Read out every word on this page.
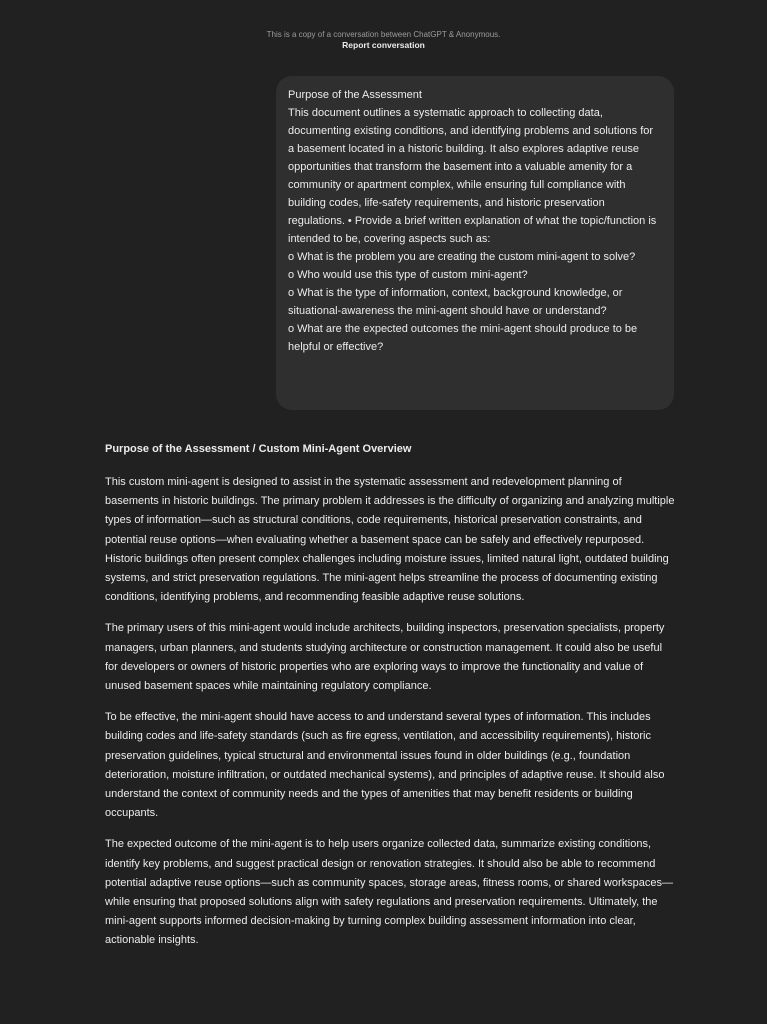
This is a copy of a conversation between ChatGPT & Anonymous.
Report conversation
Purpose of the Assessment
This document outlines a systematic approach to collecting data, documenting existing conditions, and identifying problems and solutions for a basement located in a historic building. It also explores adaptive reuse opportunities that transform the basement into a valuable amenity for a community or apartment complex, while ensuring full compliance with building codes, life-safety requirements, and historic preservation regulations. • Provide a brief written explanation of what the topic/function is intended to be, covering aspects such as:
o What is the problem you are creating the custom mini-agent to solve?
o Who would use this type of custom mini-agent?
o What is the type of information, context, background knowledge, or situational-awareness the mini-agent should have or understand?
o What are the expected outcomes the mini-agent should produce to be helpful or effective?
Purpose of the Assessment / Custom Mini-Agent Overview

This custom mini-agent is designed to assist in the systematic assessment and redevelopment planning of basements in historic buildings. The primary problem it addresses is the difficulty of organizing and analyzing multiple types of information—such as structural conditions, code requirements, historical preservation constraints, and potential reuse options—when evaluating whether a basement space can be safely and effectively repurposed. Historic buildings often present complex challenges including moisture issues, limited natural light, outdated building systems, and strict preservation regulations. The mini-agent helps streamline the process of documenting existing conditions, identifying problems, and recommending feasible adaptive reuse solutions.

The primary users of this mini-agent would include architects, building inspectors, preservation specialists, property managers, urban planners, and students studying architecture or construction management. It could also be useful for developers or owners of historic properties who are exploring ways to improve the functionality and value of unused basement spaces while maintaining regulatory compliance.

To be effective, the mini-agent should have access to and understand several types of information. This includes building codes and life-safety standards (such as fire egress, ventilation, and accessibility requirements), historic preservation guidelines, typical structural and environmental issues found in older buildings (e.g., foundation deterioration, moisture infiltration, or outdated mechanical systems), and principles of adaptive reuse. It should also understand the context of community needs and the types of amenities that may benefit residents or building occupants.

The expected outcome of the mini-agent is to help users organize collected data, summarize existing conditions, identify key problems, and suggest practical design or renovation strategies. It should also be able to recommend potential adaptive reuse options—such as community spaces, storage areas, fitness rooms, or shared workspaces—while ensuring that proposed solutions align with safety regulations and preservation requirements. Ultimately, the mini-agent supports informed decision-making by turning complex building assessment information into clear, actionable insights.
